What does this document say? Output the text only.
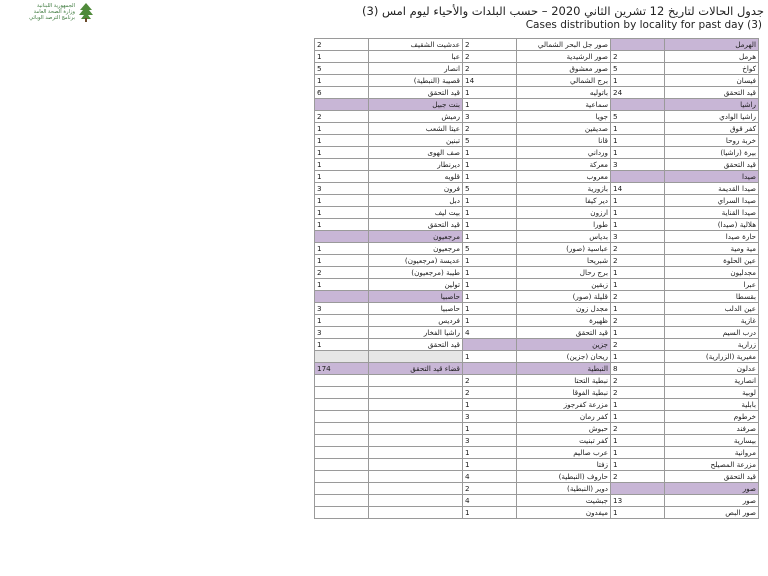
الجمهورية اللبنانية
وزارة الصحة العامة
برنامج الترصد الوبائي
جدول الحالات لتاريخ 12 تشرين الثاني 2020 – حسب البلدات والأحياء ليوم امس (3)
Cases distribution by locality for past day (3)
2	عدشيت الشقيف	2	صور جل البحر الشمالي		الهرمل
1	عبا	2	صور الرشيدية	2	هرمل
5	انصار	2	صور معشوق	5	كواخ
1	قصيبة (النبطية)	14	برج الشمالي	1	فيسان
6	قيد التحقق	1	باتوليه	24	قيد التحقق
	بنت جبيل	1	سماعية		راشيا
2	رميش	3	جويا	5	راشيا الوادي
1	عيتا الشعب	2	صديقين	1	كفر قوق
1	تبنين	5	قانا	1	خربة روحا
1	صف الهوى	1	ورداني	1	بيرة (راشيا)
1	ديرنطار	1	معركة	3	قيد التحقق
1	قلويه	1	معروب		صيدا
3	فرون	5	بازورية	14	صيدا القديمة
1	دبل	1	دير كيفا	1	صيدا السراي
1	بيت ليف	1	ارزون	1	صيدا القناية
1	قيد التحقق	1	طورا	1	هلالية (صيدا)
	مرجعيون	1	بدياس	3	حارة صيدا
1	مرجعيون	5	عباسية (صور)	2	مية ومية
1	عديسة (مرجعيون)	1	شبريحا	2	عين الحلوة
2	طيبة (مرجعيون)	1	برج رحال	1	مجدليون
1	تولين	1	زبقين	1	عبرا
	حاصبيا	1	قليلة (صور)	2	بقسطا
3	حاصبيا	1	مجدل زون	1	عين الدلب
1	فرديس	1	ظهيرة	2	غازية
3	راشيا الفخار	4	قيد التحقق	1	درب السيم
1	قيد التحقق		جزين	2	زرارية
		1	ريحان (جزين)	1	مغيرية (الزرارية)
174	قضاء قيد التحقق		النبطية	8	عدلون
		2	نبطية التحتا	2	انصارية
		2	نبطية الفوقا	2	لوبية
		1	مزرعة كفرجوز	1	بابلية
		3	كفر رمان	1	خرطوم
		1	حبوش	2	صرفند
		3	كفر تبنيت	1	بيسارية
		1	عرب صاليم	1	مروانية
		1	زفتا	1	مزرعة المصيلح
		4	حاروف (النبطية)	2	قيد التحقق
		2	دوير (النبطية)		صور
		4	جبشيت	13	صور
		1	ميفدون	1	صور البص
